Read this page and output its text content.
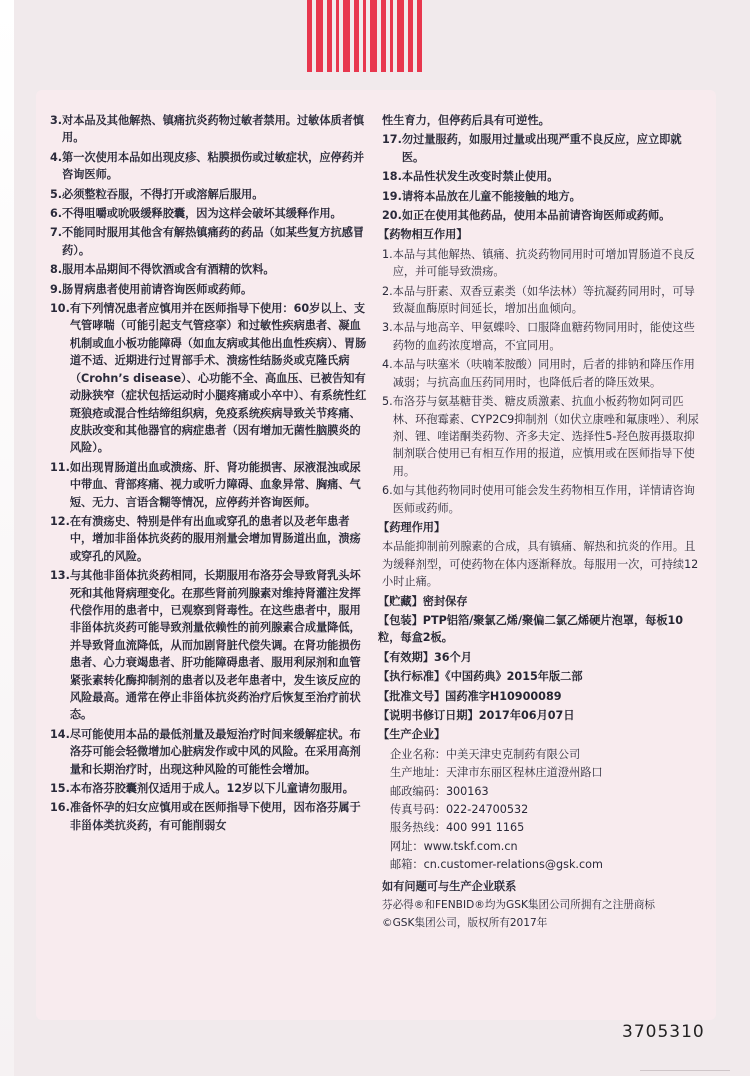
3. 对本品及其他解热、镇痛抗炎药物过敏者禁用。过敏体质者慎用。
4. 第一次使用本品如出现皮疹、粘膜损伤或过敏症状，应停药并咨询医师。
5. 必须整粒吞服，不得打开或溶解后服用。
6. 不得咀嚼或吮吸缓释胶囊，因为这样会破坏其缓释作用。
7. 不能同时服用其他含有解热镇痛药的药品（如某些复方抗感冒药）。
8. 服用本品期间不得饮酒或含有酒精的饮料。
9. 肠胃病患者使用前请咨询医师或药师。
10. 有下列情况患者应慎用并在医师指导下使用：60岁以上、支气管哮喘（可能引起支气管痉挛）和过敏性疾病患者、凝血机制或血小板功能障碍（如血友病或其他出血性疾病）、胃肠道不适、近期进行过胃部手术、溃疡性结肠炎或克隆氏病（Crohn’s disease）、心功能不全、高血压、已被告知有动脉狭窄（症状包括运动时小腿疼痛或小卒中）、有系统性红斑狼疮或混合性结缔组织病，免疫系统疾病导致关节疼痛、皮肤改变和其他器官的病症患者（因有增加无菌性脑膜炎的风险）。
11. 如出现胃肠道出血或溃疡、肝、肾功能损害、尿液混浊或尿中带血、背部疼痛、视力或听力障碍、血象异常、胸痛、气短、无力、言语含糊等情况，应停药并咨询医师。
12. 在有溃疡史、特别是伴有出血或穿孔的患者以及老年患者中，增加非甾体抗炎药的服用剂量会增加胃肠道出血，溃疡或穿孔的风险。
13. 与其他非甾体抗炎药相同，长期服用布洛芬会导致肾乳头坏死和其他肾病理变化。在那些肾前列腺素对维持肾灌注发挥代偿作用的患者中，已观察到肾毒性。在这些患者中，服用非甾体抗炎药可能导致剂量依赖性的前列腺素合成量降低，并导致肾血流降低，从而加剧肾脏代偿失调。在肾功能损伤患者、心力衰竭患者、肝功能障碍患者、服用利尿剂和血管紧张素转化酶抑制剂的患者以及老年患者中，发生该反应的风险最高。通常在停止非甾体抗炎药治疗后恢复至治疗前状态。
14. 尽可能使用本品的最低剂量及最短治疗时间来缓解症状。布洛芬可能会轻微增加心脏病发作或中风的风险。在采用高剂量和长期治疗时，出现这种风险的可能性会增加。
15. 本布洛芬胶囊剂仅适用于成人。12岁以下儿童请勿服用。
16. 准备怀孕的妇女应慎用或在医师指导下使用，因布洛芬属于非甾体类抗炎药，有可能削弱女
性生育力，但停药后具有可逆性。
17. 勿过量服药，如服用过量或出现严重不良反应，应立即就医。
18. 本品性状发生改变时禁止使用。
19. 请将本品放在儿童不能接触的地方。
20. 如正在使用其他药品，使用本品前请咨询医师或药师。
【药物相互作用】
1. 本品与其他解热、镇痛、抗炎药物同用时可增加胃肠道不良反应，并可能导致溃疡。
2. 本品与肝素、双香豆素类（如华法林）等抗凝药同用时，可导致凝血酶原时间延长，增加出血倾向。
3. 本品与地高辛、甲氨蝶呤、口服降血糖药物同用时，能使这些药物的血药浓度增高，不宜同用。
4. 本品与呋塞米（呋喃苯胺酸）同用时，后者的排钠和降压作用减弱；与抗高血压药同用时，也降低后者的降压效果。
5. 布洛芬与氨基糖苷类、糖皮质激素、抗血小板药物如阿司匹林、环孢霉素、CYP2C9抑制剂（如伏立康唑和氟康唑）、利尿剂、锂、喹诺酮类药物、齐多夫定、选择性5-羟色胺再摄取抑制剂联合使用已有相互作用的报道，应慎用或在医师指导下使用。
6. 如与其他药物同时使用可能会发生药物相互作用，详情请咨询医师或药师。
【药理作用】
本品能抑制前列腺素的合成，具有镇痛、解热和抗炎的作用。且为缓释剂型，可使药物在体内逐渐释放。每服用一次，可持续12小时止痛。
【贮藏】密封保存
【包装】PTP铝箔/聚氯乙烯/聚偏二氯乙烯硬片泡罩，每板10粒，每盒2板。
【有效期】36个月
【执行标准】《中国药典》2015年版二部
【批准文号】国药准字H10900089
【说明书修订日期】2017年06月07日
【生产企业】
企业名称：中美天津史克制药有限公司
生产地址：天津市东丽区程林庄道澄州路口
邮政编码：300163
传真号码：022-24700532
服务热线：400 991 1165
网址：www.tskf.com.cn
邮箱：cn.customer-relations@gsk.com
如有问题可与生产企业联系
芬必得®和FENBID®均为GSK集团公司所拥有之注册商标
©GSK集团公司，版权所有2017年
3705310
